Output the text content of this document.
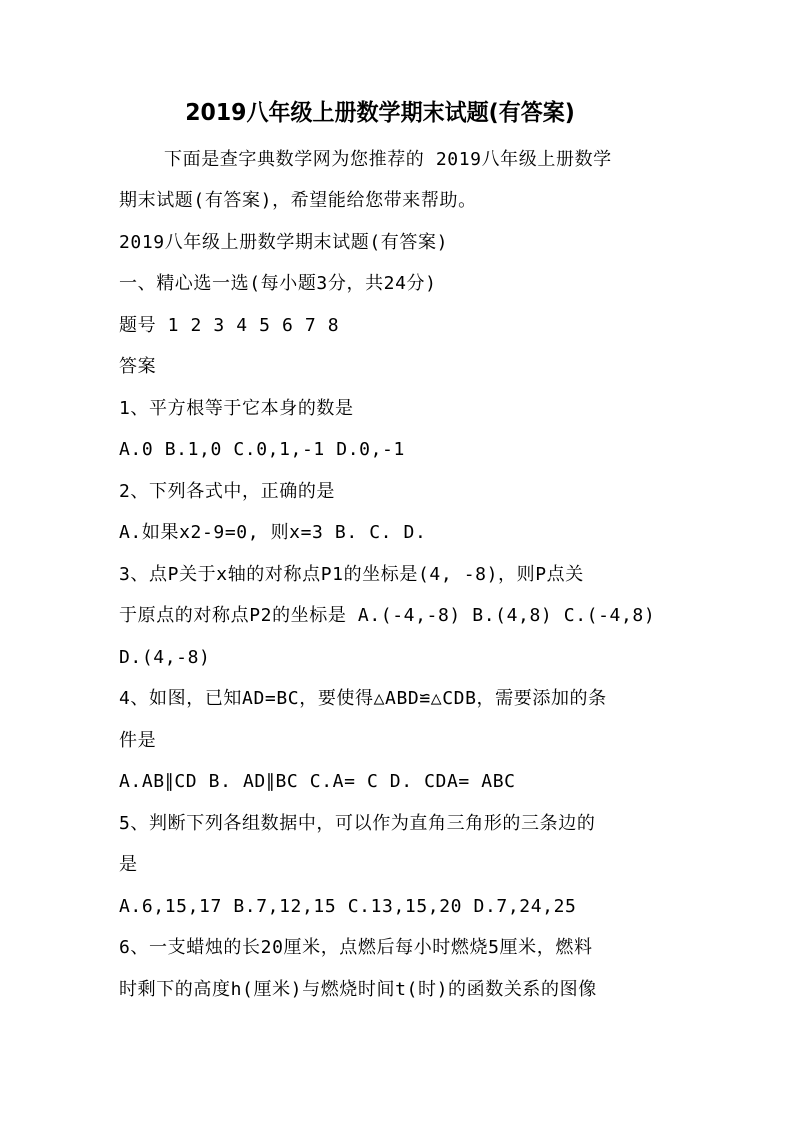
2019八年级上册数学期末试题(有答案)
下面是查字典数学网为您推荐的 2019八年级上册数学
期末试题(有答案)，希望能给您带来帮助。
2019八年级上册数学期末试题(有答案)
一、精心选一选(每小题3分，共24分)
题号 1 2 3 4 5 6 7 8
答案
1、平方根等于它本身的数是
A.0 B.1,0 C.0,1,-1 D.0,-1
2、下列各式中，正确的是
A.如果x2-9=0, 则x=3 B. C. D.
3、点P关于x轴的对称点P1的坐标是(4, -8)，则P点关
于原点的对称点P2的坐标是 A.(-4,-8) B.(4,8) C.(-4,8)
D.(4,-8)
4、如图，已知AD=BC，要使得△ABD≌△CDB，需要添加的条
件是
A.AB∥CD B. AD∥BC C.A= C D. CDA= ABC
5、判断下列各组数据中，可以作为直角三角形的三条边的
是
A.6,15,17 B.7,12,15 C.13,15,20 D.7,24,25
6、一支蜡烛的长20厘米，点燃后每小时燃烧5厘米，燃料
时剩下的高度h(厘米)与燃烧时间t(时)的函数关系的图像
